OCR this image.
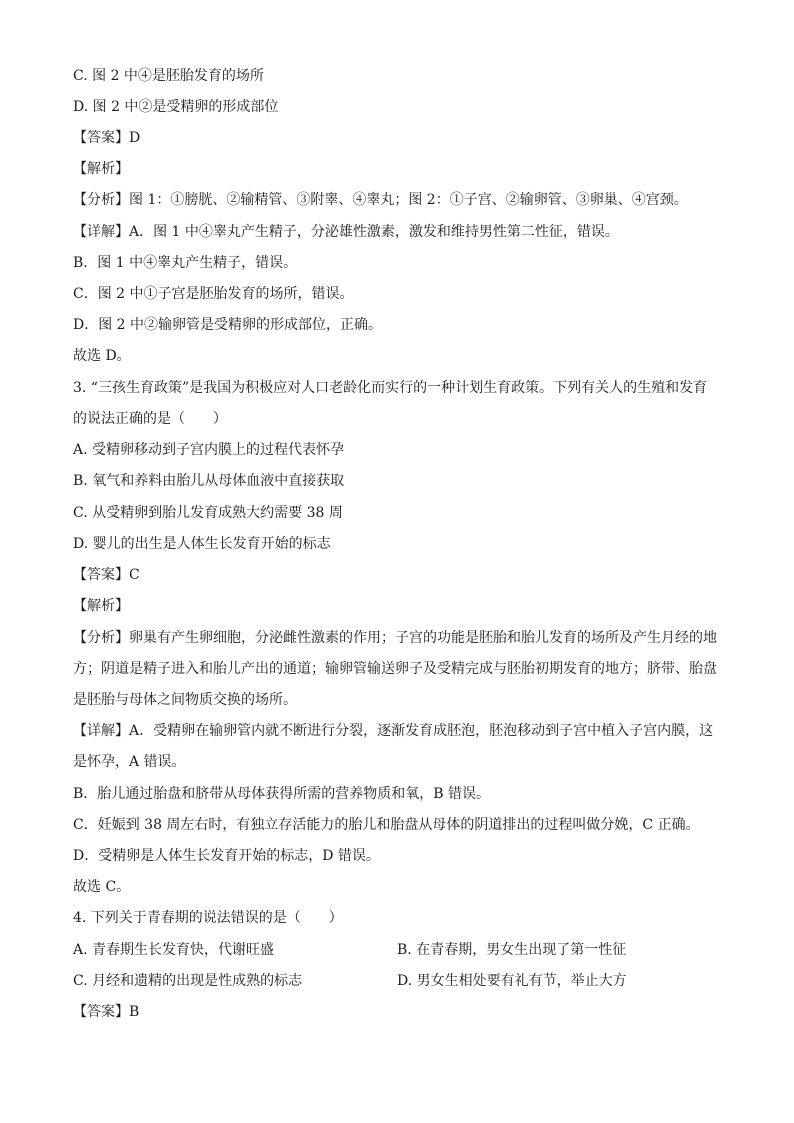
C. 图 2 中④是胚胎发育的场所
D. 图 2 中②是受精卵的形成部位
【答案】D
【解析】
【分析】图 1：①膀胱、②输精管、③附睾、④睾丸；图 2：①子宫、②输卵管、③卵巢、④宫颈。
【详解】A．图 1 中④睾丸产生精子，分泌雄性激素，激发和维持男性第二性征，错误。
B．图 1 中④睾丸产生精子，错误。
C．图 2 中①子宫是胚胎发育的场所，错误。
D．图 2 中②输卵管是受精卵的形成部位，正确。
故选 D。
3. “三孩生育政策”是我国为积极应对人口老龄化而实行的一种计划生育政策。下列有关人的生殖和发育
的说法正确的是（　　）
A. 受精卵移动到子宫内膜上的过程代表怀孕
B. 氧气和养料由胎儿从母体血液中直接获取
C. 从受精卵到胎儿发育成熟大约需要 38 周
D. 婴儿的出生是人体生长发育开始的标志
【答案】C
【解析】
【分析】卵巢有产生卵细胞，分泌雌性激素的作用；子宫的功能是胚胎和胎儿发育的场所及产生月经的地
方；阴道是精子进入和胎儿产出的通道；输卵管输送卵子及受精完成与胚胎初期发育的地方；脐带、胎盘
是胚胎与母体之间物质交换的场所。
【详解】A．受精卵在输卵管内就不断进行分裂，逐渐发育成胚泡，胚泡移动到子宫中植入子宫内膜，这
是怀孕，A 错误。
B．胎儿通过胎盘和脐带从母体获得所需的营养物质和氧，B 错误。
C．妊娠到 38 周左右时，有独立存活能力的胎儿和胎盘从母体的阴道排出的过程叫做分娩，C 正确。
D．受精卵是人体生长发育开始的标志，D 错误。
故选 C。
4. 下列关于青春期的说法错误的是（　　）
A. 青春期生长发育快，代谢旺盛	B. 在青春期，男女生出现了第一性征
C. 月经和遗精的出现是性成熟的标志	D. 男女生相处要有礼有节，举止大方
【答案】B
